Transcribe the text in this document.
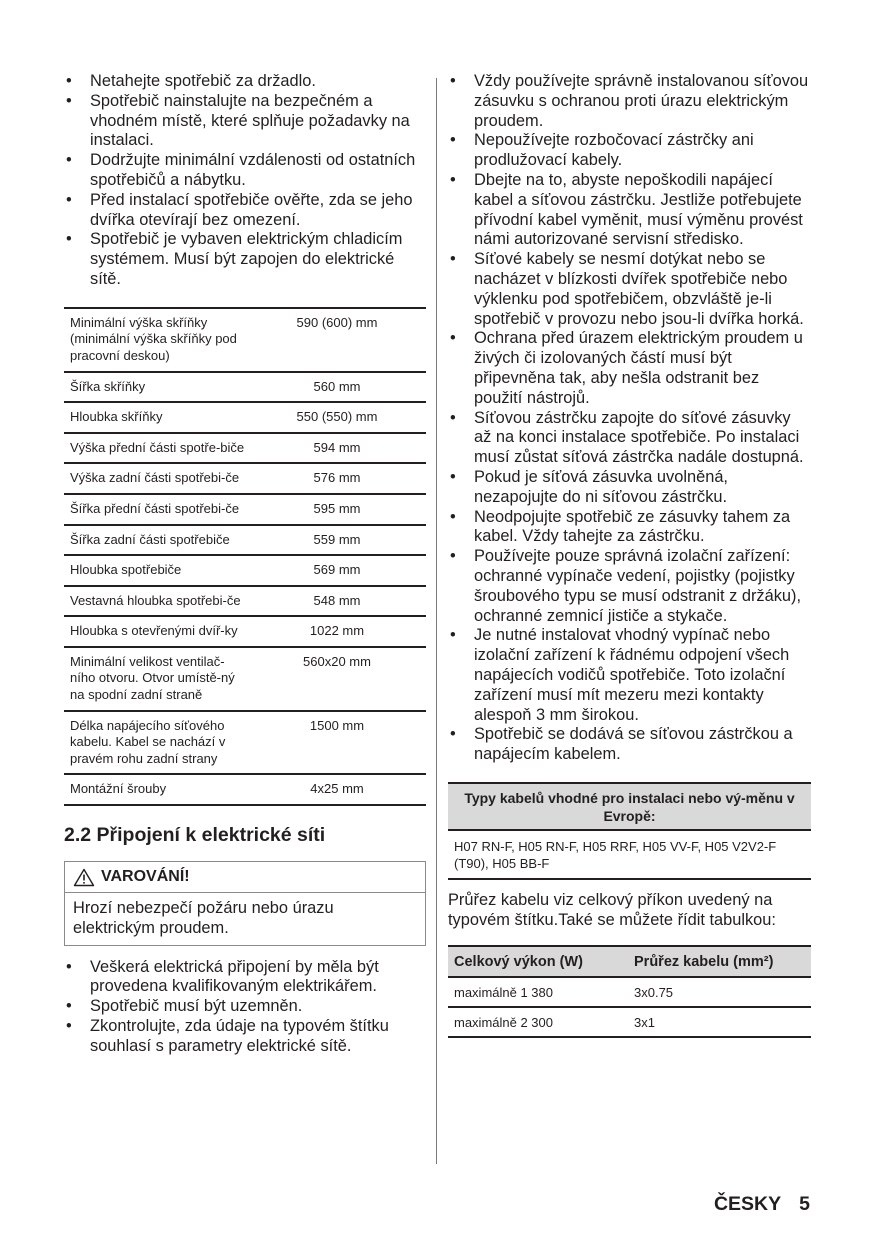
• Netahejte spotřebič za držadlo.
• Spotřebič nainstalujte na bezpečném a vhodném místě, které splňuje požadavky na instalaci.
• Dodržujte minimální vzdálenosti od ostatních spotřebičů a nábytku.
• Před instalací spotřebiče ověřte, zda se jeho dvířka otevírají bez omezení.
• Spotřebič je vybaven elektrickým chladicím systémem. Musí být zapojen do elektrické sítě.
Minimální výška skříňky (minimální výška skříňky pod pracovní deskou)	590 (600) mm
Šířka skříňky	560 mm
Hloubka skříňky	550 (550) mm
Výška přední části spotře-biče	594 mm
Výška zadní části spotřebi-če	576 mm
Šířka přední části spotřebi-če	595 mm
Šířka zadní části spotřebiče	559 mm
Hloubka spotřebiče	569 mm
Vestavná hloubka spotřebi-če	548 mm
Hloubka s otevřenými dvíř-ky	1022 mm
Minimální velikost ventilač-ního otvoru. Otvor umístě-ný na spodní zadní straně	560x20 mm
Délka napájecího síťového kabelu. Kabel se nachází v pravém rohu zadní strany	1500 mm
Montážní šrouby	4x25 mm
2.2 Připojení k elektrické síti
VAROVÁNÍ!
Hrozí nebezpečí požáru nebo úrazu elektrickým proudem.
• Veškerá elektrická připojení by měla být provedena kvalifikovaným elektrikářem.
• Spotřebič musí být uzemněn.
• Zkontrolujte, zda údaje na typovém štítku souhlasí s parametry elektrické sítě.
• Vždy používejte správně instalovanou síťovou zásuvku s ochranou proti úrazu elektrickým proudem.
• Nepoužívejte rozbočovací zástrčky ani prodlužovací kabely.
• Dbejte na to, abyste nepoškodili napájecí kabel a síťovou zástrčku. Jestliže potřebujete přívodní kabel vyměnit, musí výměnu provést námi autorizované servisní středisko.
• Síťové kabely se nesmí dotýkat nebo se nacházet v blízkosti dvířek spotřebiče nebo výklenku pod spotřebičem, obzvláště je-li spotřebič v provozu nebo jsou-li dvířka horká.
• Ochrana před úrazem elektrickým proudem u živých či izolovaných částí musí být připevněna tak, aby nešla odstranit bez použití nástrojů.
• Síťovou zástrčku zapojte do síťové zásuvky až na konci instalace spotřebiče. Po instalaci musí zůstat síťová zástrčka nadále dostupná.
• Pokud je síťová zásuvka uvolněná, nezapojujte do ni síťovou zástrčku.
• Neodpojujte spotřebič ze zásuvky tahem za kabel. Vždy tahejte za zástrčku.
• Používejte pouze správná izolační zařízení: ochranné vypínače vedení, pojistky (pojistky šroubového typu se musí odstranit z držáku), ochranné zemnicí jističe a stykače.
• Je nutné instalovat vhodný vypínač nebo izolační zařízení k řádnému odpojení všech napájecích vodičů spotřebiče. Toto izolační zařízení musí mít mezeru mezi kontakty alespoň 3 mm širokou.
• Spotřebič se dodává se síťovou zástrčkou a napájecím kabelem.
Typy kabelů vhodné pro instalaci nebo vý-měnu v Evropě:
H07 RN-F, H05 RN-F, H05 RRF, H05 VV-F, H05 V2V2-F (T90), H05 BB-F

Průřez kabelu viz celkový příkon uvedený na typovém štítku.Také se můžete řídit tabulkou:

Celkový výkon (W)	Průřez kabelu (mm²)
maximálně 1 380	3x0.75
maximálně 2 300	3x1
ČESKY 5
